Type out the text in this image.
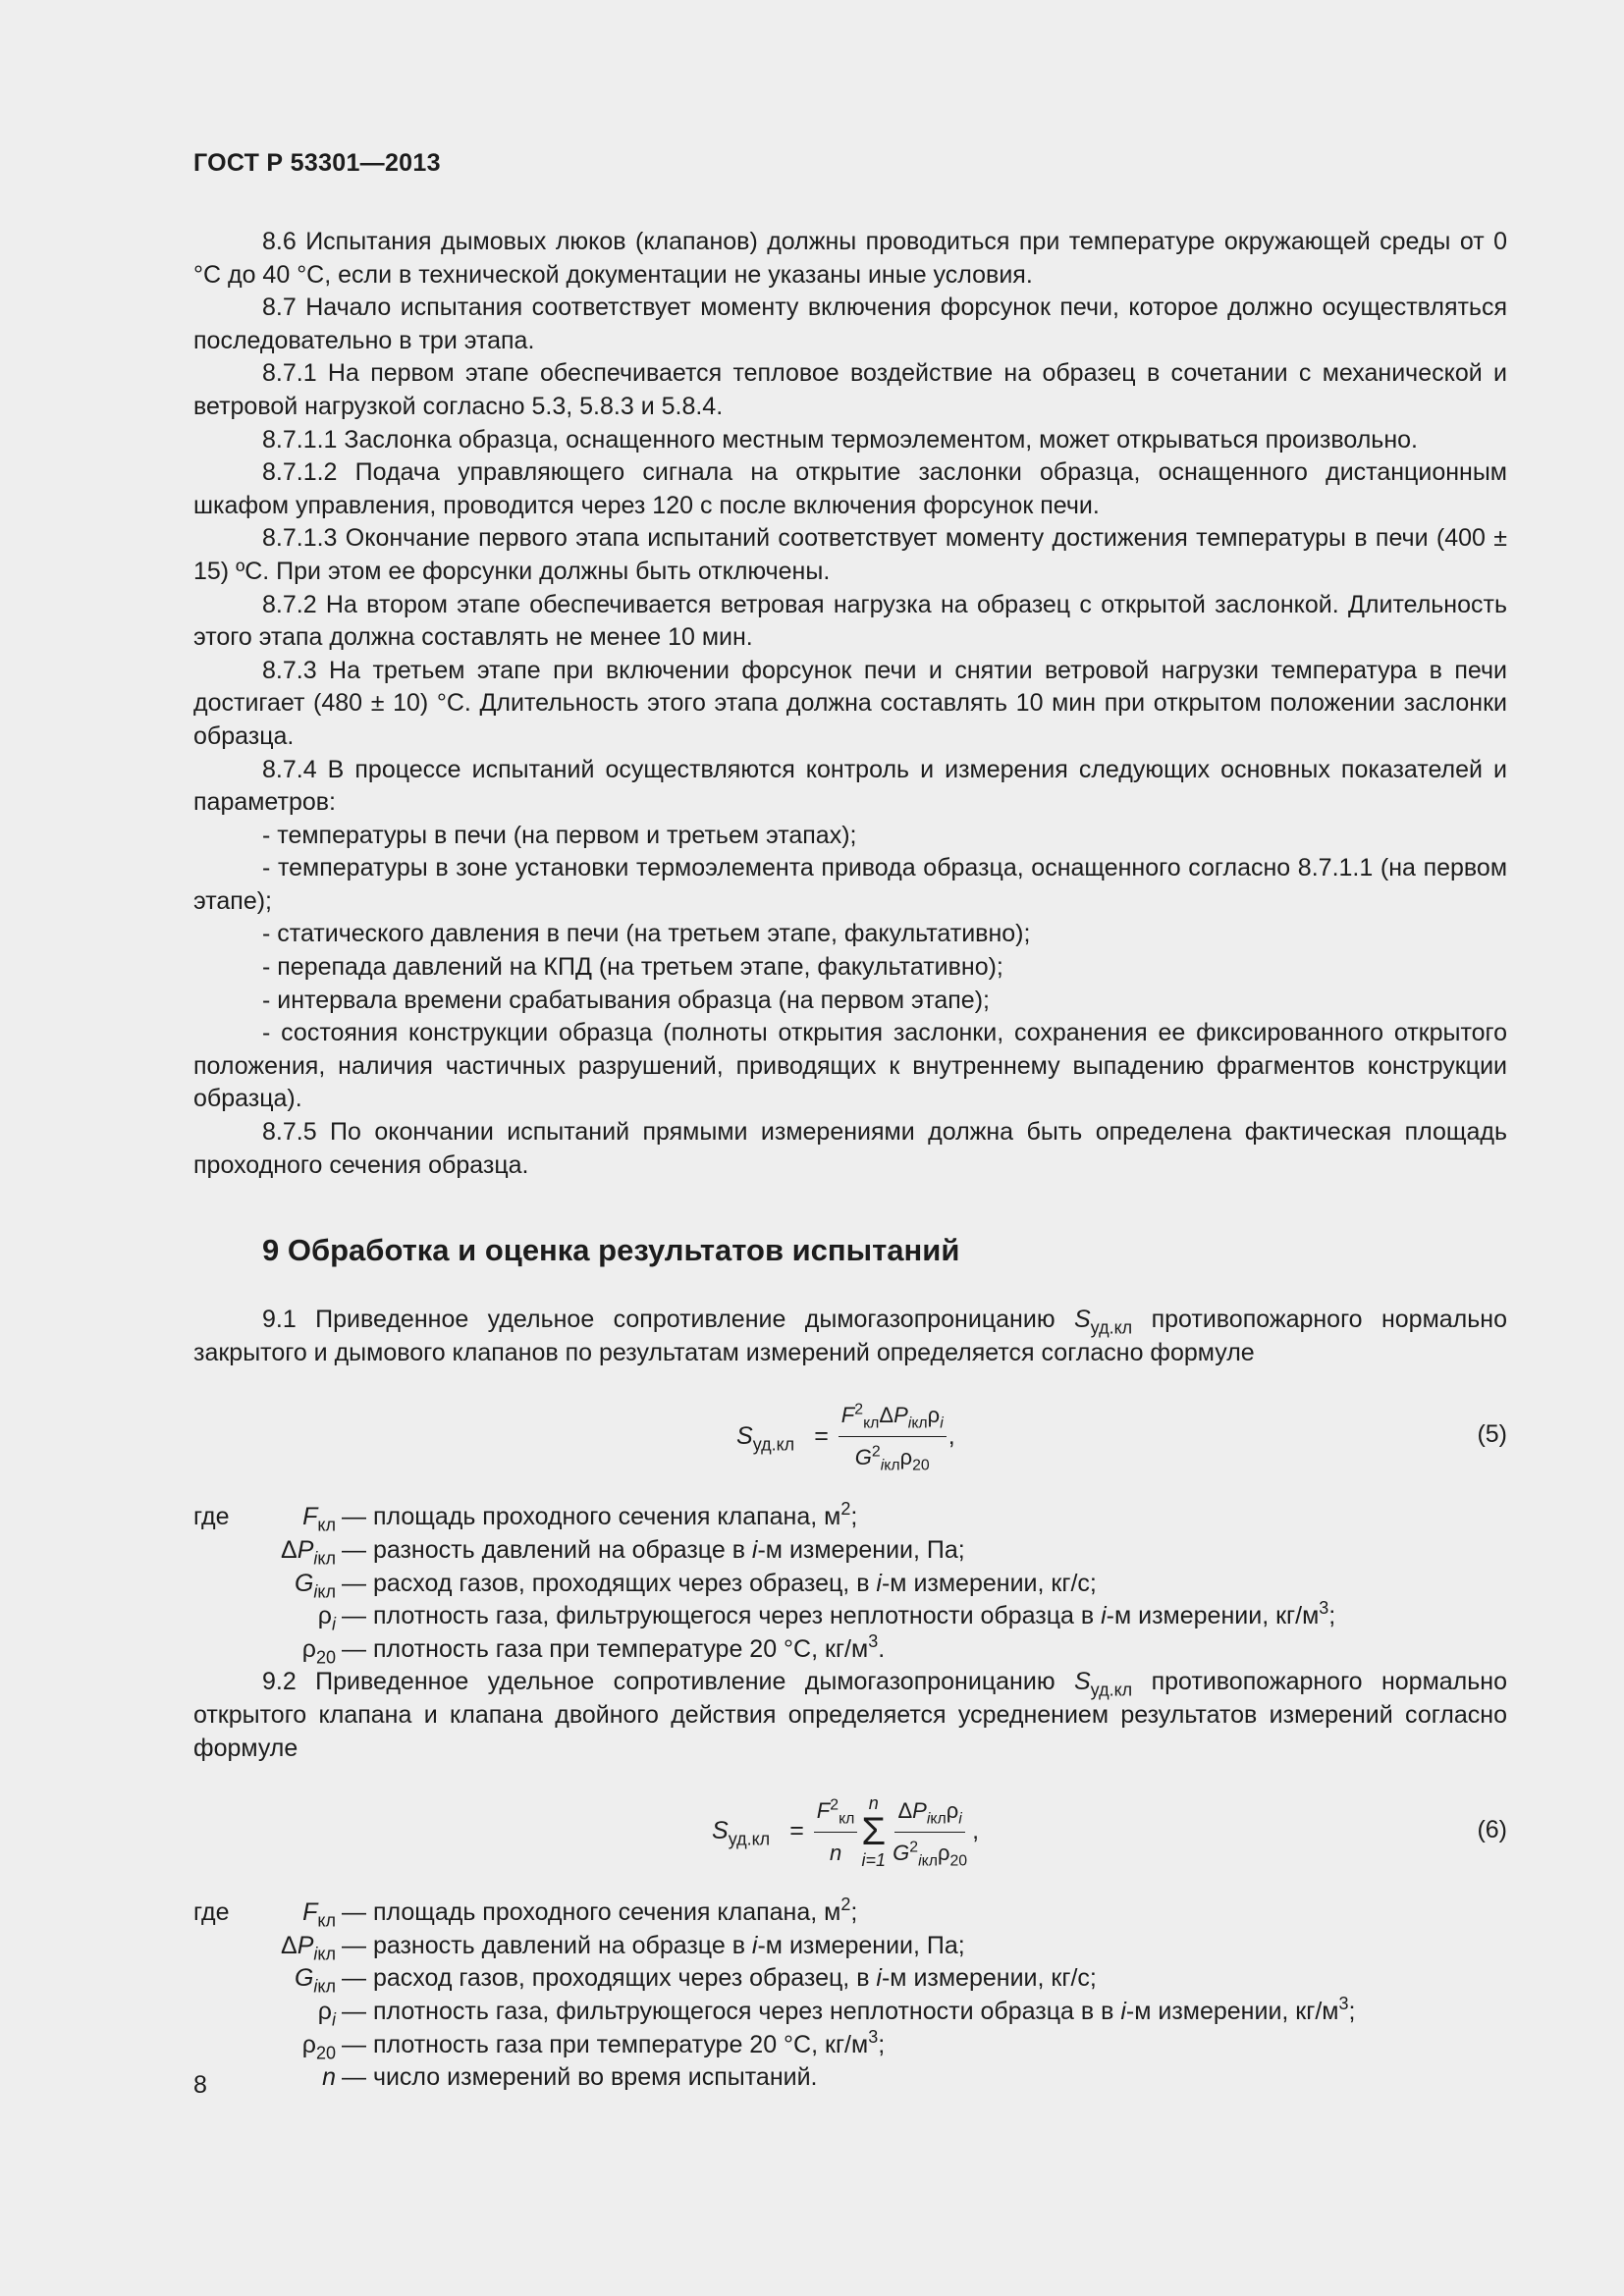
ГОСТ Р 53301—2013

8.6 Испытания дымовых люков (клапанов) должны проводиться при температуре окружающей среды от 0 °С до 40 °С, если в технической документации не указаны иные условия.

8.7 Начало испытания соответствует моменту включения форсунок печи, которое должно осуществляться последовательно в три этапа.

8.7.1 На первом этапе обеспечивается тепловое воздействие на образец в сочетании с механической и ветровой нагрузкой согласно 5.3, 5.8.3 и 5.8.4.

8.7.1.1 Заслонка образца, оснащенного местным термоэлементом, может открываться произвольно.

8.7.1.2 Подача управляющего сигнала на открытие заслонки образца, оснащенного дистанционным шкафом управления, проводится через 120 с после включения форсунок печи.

8.7.1.3 Окончание первого этапа испытаний соответствует моменту достижения температуры в печи (400 ± 15) ºС. При этом ее форсунки должны быть отключены.

8.7.2 На втором этапе обеспечивается ветровая нагрузка на образец с открытой заслонкой. Длительность этого этапа должна составлять не менее 10 мин.

8.7.3 На третьем этапе при включении форсунок печи и снятии ветровой нагрузки температура в печи достигает (480 ± 10) °С. Длительность этого этапа должна составлять 10 мин при открытом положении заслонки образца.

8.7.4 В процессе испытаний осуществляются контроль и измерения следующих основных показателей и параметров:

- температуры в печи (на первом и третьем этапах);

- температуры в зоне установки термоэлемента привода образца, оснащенного согласно 8.7.1.1 (на первом этапе);

- статического давления в печи (на третьем этапе, факультативно);

- перепада давлений на КПД (на третьем этапе, факультативно);

- интервала времени срабатывания образца (на первом этапе);

- состояния конструкции образца (полноты открытия заслонки, сохранения ее фиксированного открытого положения, наличия частичных разрушений, приводящих к внутреннему выпадению фрагментов конструкции образца).

8.7.5 По окончании испытаний прямыми измерениями должна быть определена фактическая площадь проходного сечения образца.

9 Обработка и оценка результатов испытаний

9.1 Приведенное удельное сопротивление дымогазопроницанию $S_{уд.кл}$ противопожарного нормально закрытого и дымового клапанов по результатам измерений определяется согласно формуле

$S_{уд.кл} = \frac{F^2_{кл}\Delta P_{iкл}\rho_i}{G^2_{iкл}\rho_{20}}$ ,	(5)
где	$F_{кл}$ — площадь проходного сечения клапана, $м^2$;
$\Delta P_{iкл}$ — разность давлений на образце в i-м измерении, Па;
$G_{iкл}$ — расход газов, проходящих через образец, в i-м измерении, кг/с;
$\rho_i$ — плотность газа, фильтрующегося через неплотности образца в i-м измерении, $кг/м^3$;
$\rho_{20}$ — плотность газа при температуре 20 °С, $кг/м^3$.

9.2 Приведенное удельное сопротивление дымогазопроницанию $S_{уд.кл}$ противопожарного нормально открытого клапана и клапана двойного действия определяется усреднением результатов измерений согласно формуле

$S_{уд.кл} = \frac{F^2_{кл}}{n}$ n
Σ
$i=1 \frac{\Delta P_{iкл}\rho_i}{G^2_{iкл}\rho_{20}}$ ,	(6)
где	$F_{кл}$ — площадь проходного сечения клапана, $м^2$;
$\Delta P_{iкл}$ — разность давлений на образце в i-м измерении, Па;
$G_{iкл}$ — расход газов, проходящих через образец, в i-м измерении, кг/с;
$\rho_i$ — плотность газа, фильтрующегося через неплотности образца в в i-м измерении, $кг/м^3$;
$\rho_{20}$ — плотность газа при температуре 20 °С, $кг/м^3$;
n — число измерений во время испытаний.
8
